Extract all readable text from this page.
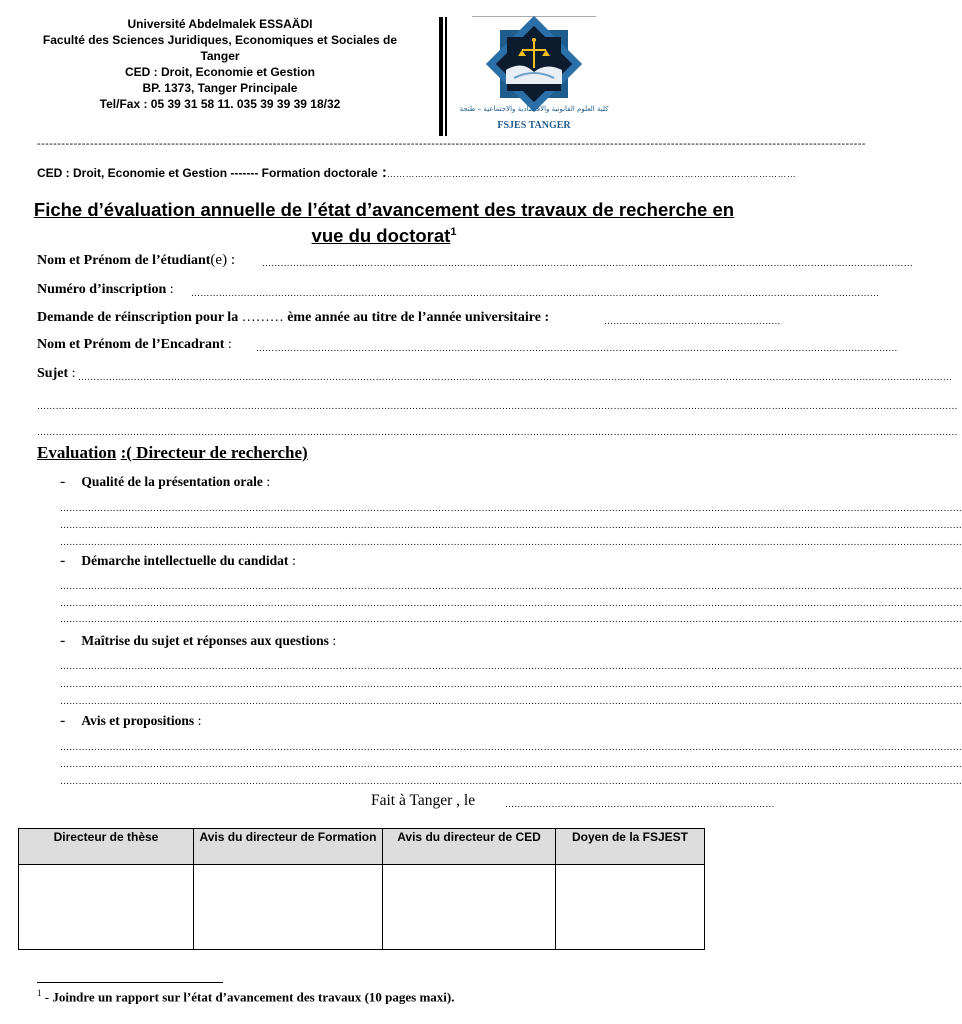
Université Abdelmalek ESSAÄDI
Faculté des Sciences Juridiques, Economiques et Sociales de
Tanger
CED : Droit, Economie et Gestion
BP. 1373, Tanger Principale
Tel/Fax : 05 39 31 58 11. 035 39 39 39 18/32	كلية العلوم القانونية والاقتصادية والاجتماعية – طنجة
FSJES TANGER
------------------------------------------------------------------------------------------------------------------------------------------------------------------------------------------------------------
CED : Droit, Economie et Gestion ------- Formation doctorale :……………………………………………………………………………………………………………………
Fiche d’évaluation annuelle de l’état d’avancement des travaux de recherche en
vue du doctorat$^1$
Nom et Prénom de l’étudiant(e) :	…………………………………………………………………………………………………………………………………………………………………………………………
Numéro d’inscription : ……………………………………………………………………………………………………………………………………………………………………………………………………
Demande de réinscription pour la ……… ème année au titre de l’année universitaire :	…………………………………………………
Nom et Prénom de l’Encadrant :	………………………………………………………………………………………………………………………………………………………………………………………
Sujet : …………………………………………………………………………………………………………………………………………………………………………………………………………………………………………………………
………………………………………………………………………………………………………………………………………………………………………………………………………………………………………………………………………
………………………………………………………………………………………………………………………………………………………………………………………………………………………………………………………………………
Evaluation :( Directeur de recherche)
- Qualité de la présentation orale :
…………………………………………………………………………………………………………………………………………………………………………………………………………………………………………………………………
…………………………………………………………………………………………………………………………………………………………………………………………………………………………………………………………………
…………………………………………………………………………………………………………………………………………………………………………………………………………………………………………………………………
- Démarche intellectuelle du candidat :
…………………………………………………………………………………………………………………………………………………………………………………………………………………………………………………………………
…………………………………………………………………………………………………………………………………………………………………………………………………………………………………………………………………
…………………………………………………………………………………………………………………………………………………………………………………………………………………………………………………………………
- Maîtrise du sujet et réponses aux questions :
…………………………………………………………………………………………………………………………………………………………………………………………………………………………………………………………………
…………………………………………………………………………………………………………………………………………………………………………………………………………………………………………………………………
…………………………………………………………………………………………………………………………………………………………………………………………………………………………………………………………………
- Avis et propositions :
…………………………………………………………………………………………………………………………………………………………………………………………………………………………………………………………………
…………………………………………………………………………………………………………………………………………………………………………………………………………………………………………………………………
…………………………………………………………………………………………………………………………………………………………………………………………………………………………………………………………………
Fait à Tanger , le	……………………………………………………………………………
Directeur de thèse	Avis du directeur de Formation	Avis du directeur de CED	Doyen de la FSJEST

$^1$ - Joindre un rapport sur l’état d’avancement des travaux (10 pages maxi).
